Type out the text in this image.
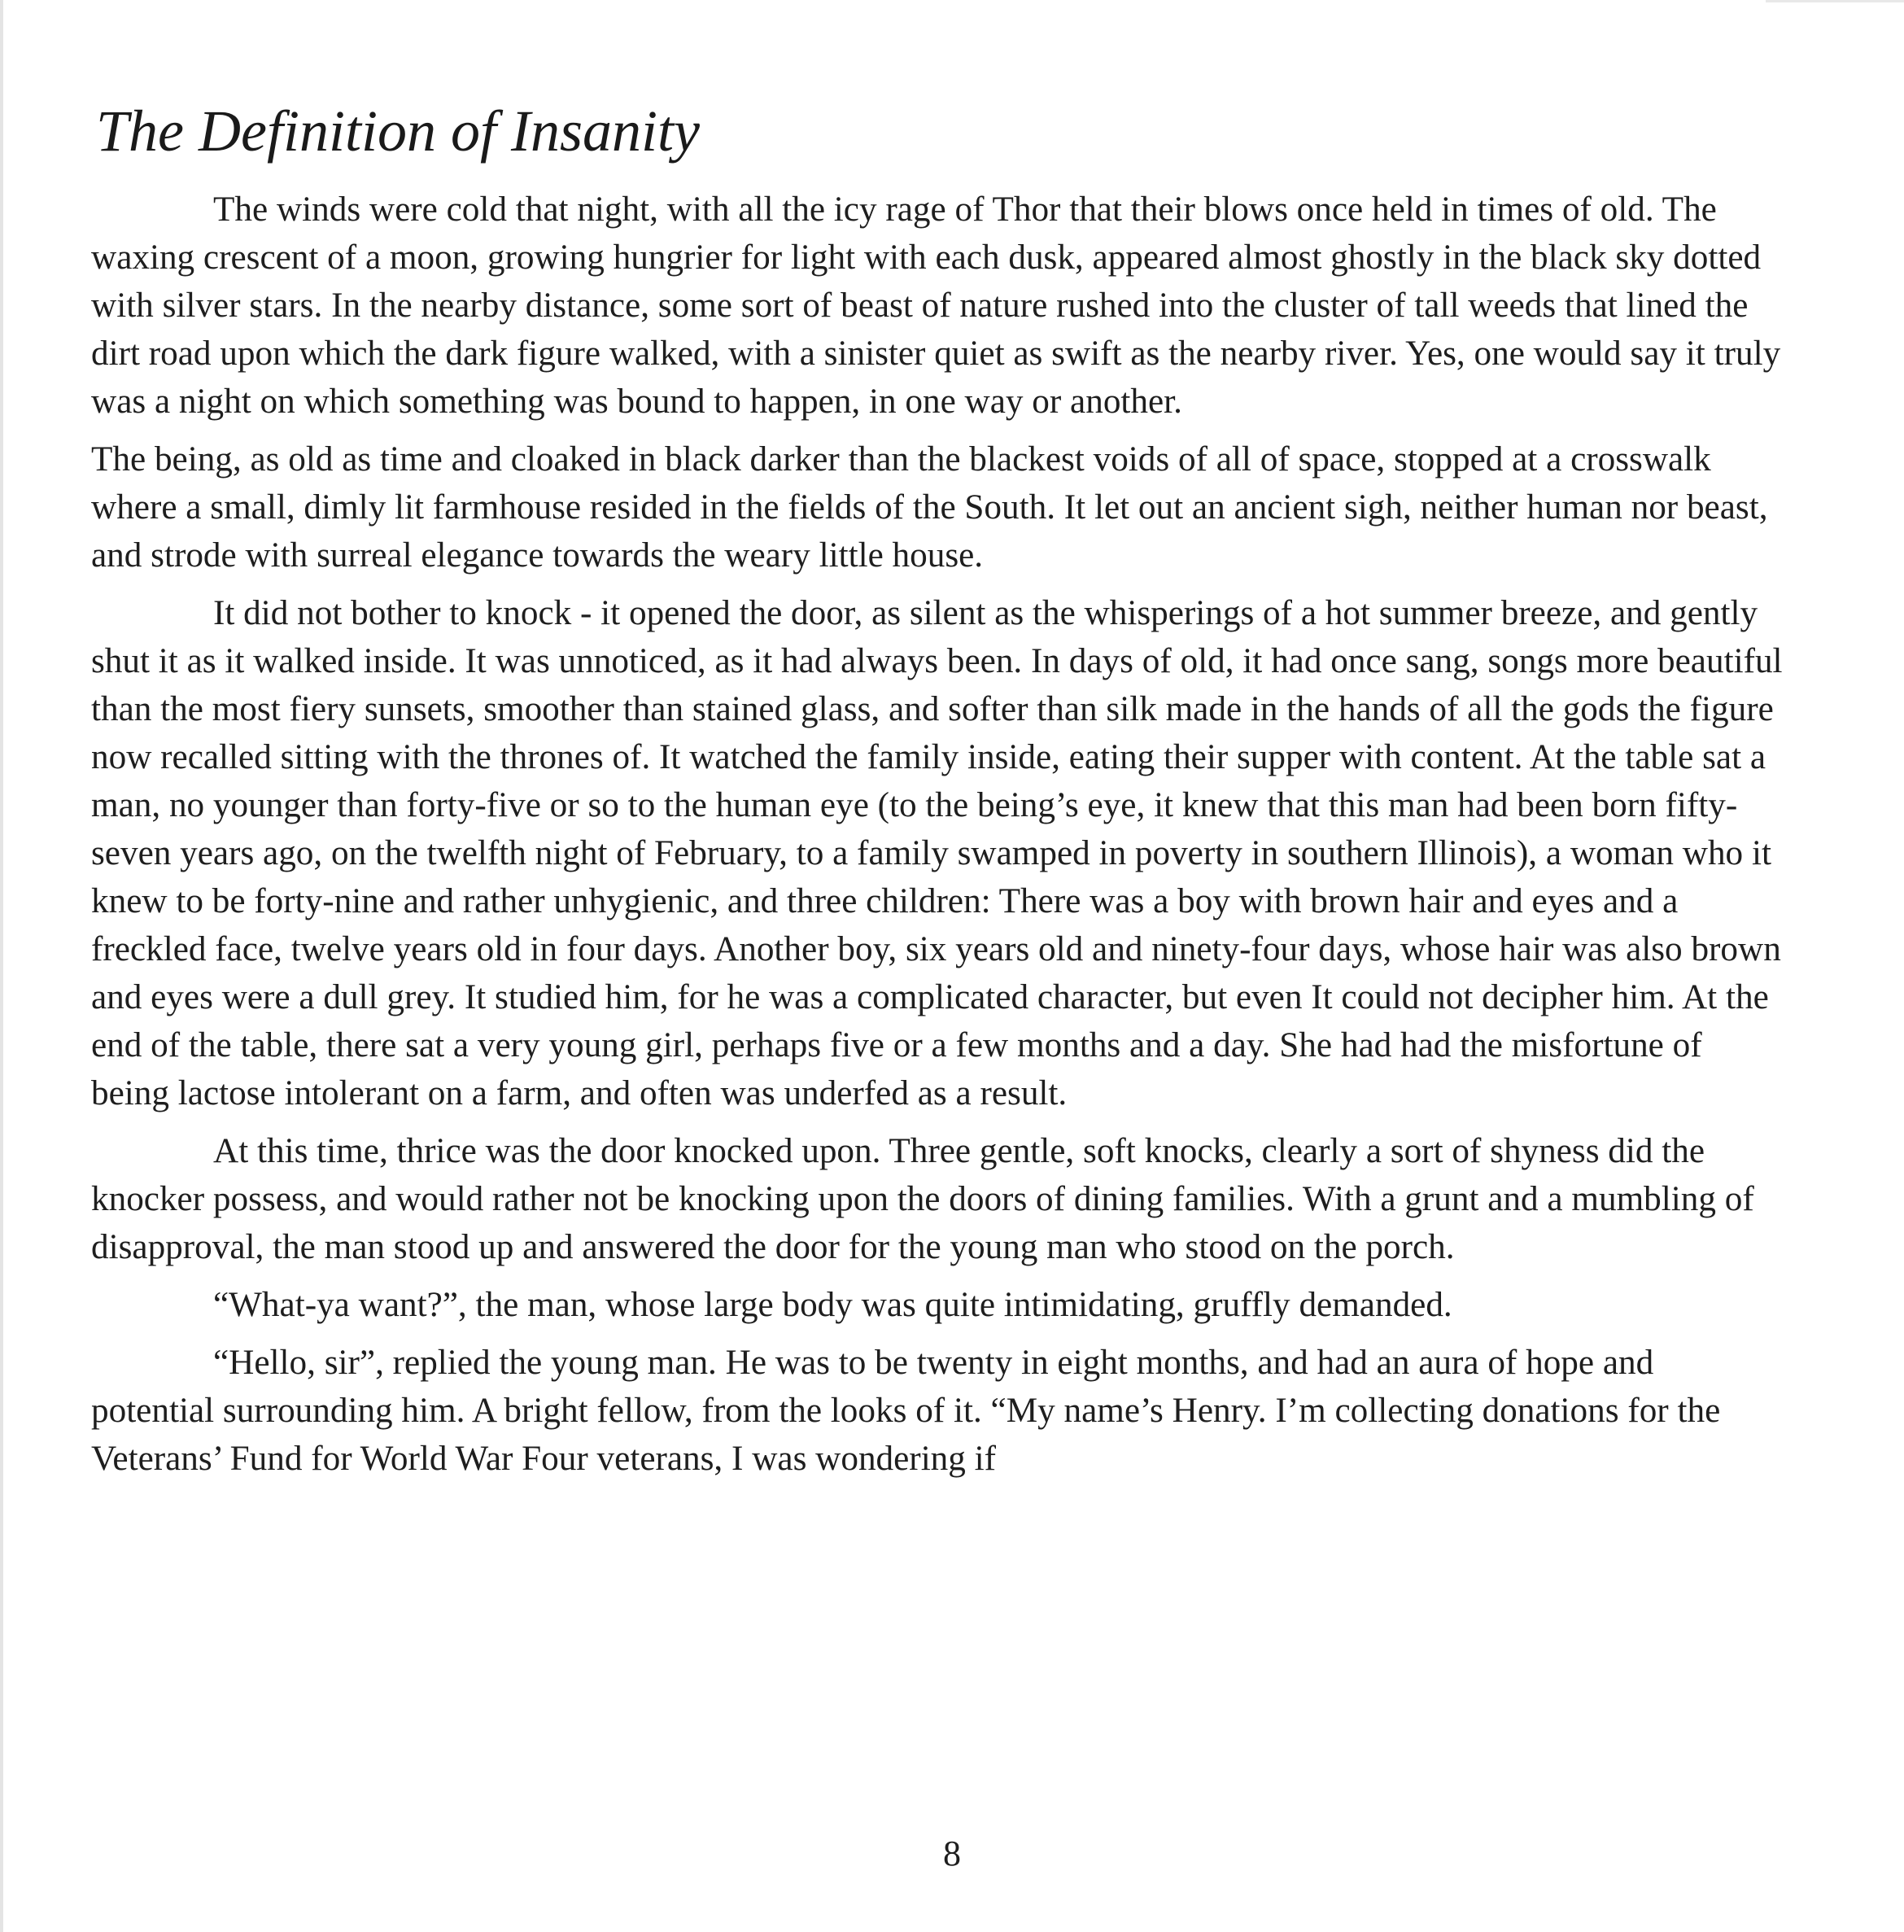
The Definition of Insanity

The winds were cold that night, with all the icy rage of Thor that their blows once held in times of old. The waxing crescent of a moon, growing hungrier for light with each dusk, appeared almost ghostly in the black sky dotted with silver stars. In the nearby distance, some sort of beast of nature rushed into the cluster of tall weeds that lined the dirt road upon which the dark figure walked, with a sinister quiet as swift as the nearby river. Yes, one would say it truly was a night on which something was bound to happen, in one way or another.

The being, as old as time and cloaked in black darker than the blackest voids of all of space, stopped at a crosswalk where a small, dimly lit farmhouse resided in the fields of the South. It let out an ancient sigh, neither human nor beast, and strode with surreal elegance towards the weary little house.

It did not bother to knock - it opened the door, as silent as the whisperings of a hot summer breeze, and gently shut it as it walked inside. It was unnoticed, as it had always been. In days of old, it had once sang, songs more beautiful than the most fiery sunsets, smoother than stained glass, and softer than silk made in the hands of all the gods the figure now recalled sitting with the thrones of. It watched the family inside, eating their supper with content. At the table sat a man, no younger than forty-five or so to the human eye (to the being’s eye, it knew that this man had been born fifty-seven years ago, on the twelfth night of February, to a family swamped in poverty in southern Illinois), a woman who it knew to be forty-nine and rather unhygienic, and three children: There was a boy with brown hair and eyes and a freckled face, twelve years old in four days. Another boy, six years old and ninety-four days, whose hair was also brown and eyes were a dull grey. It studied him, for he was a complicated character, but even It could not decipher him. At the end of the table, there sat a very young girl, perhaps five or a few months and a day. She had had the misfortune of being lactose intolerant on a farm, and often was underfed as a result.

At this time, thrice was the door knocked upon. Three gentle, soft knocks, clearly a sort of shyness did the knocker possess, and would rather not be knocking upon the doors of dining families. With a grunt and a mumbling of disapproval, the man stood up and answered the door for the young man who stood on the porch.

“What-ya want?”, the man, whose large body was quite intimidating, gruffly demanded.

“Hello, sir”, replied the young man. He was to be twenty in eight months, and had an aura of hope and potential surrounding him. A bright fellow, from the looks of it. “My name’s Henry. I’m collecting donations for the Veterans’ Fund for World War Four veterans, I was wondering if

8
